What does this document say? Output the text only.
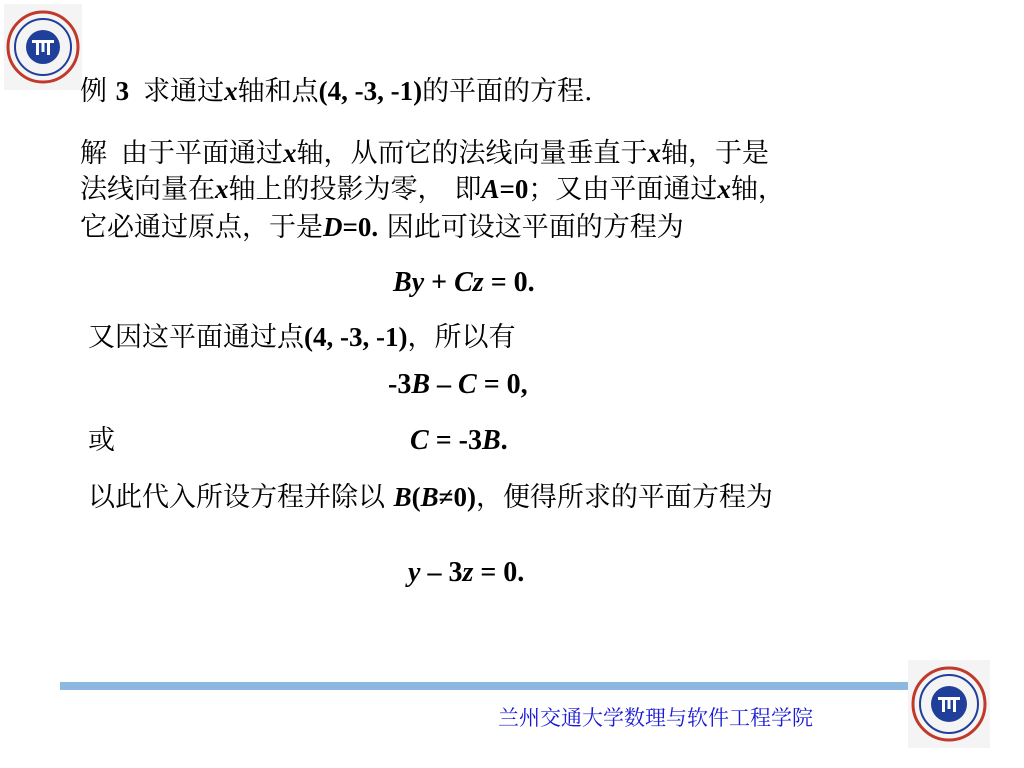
例 3 求通过x轴和点(4, -3, -1)的平面的方程.
解 由于平面通过x轴，从而它的法线向量垂直于x轴，于是
法线向量在x轴上的投影为零， 即A=0；又由平面通过x轴，
它必通过原点，于是D=0. 因此可设这平面的方程为
By + Cz = 0.
又因这平面通过点(4, -3, -1)，所以有
-3B – C = 0,
或	C = -3B.
以此代入所设方程并除以 B(B≠0)，便得所求的平面方程为
y – 3z = 0.
兰州交通大学数理与软件工程学院
